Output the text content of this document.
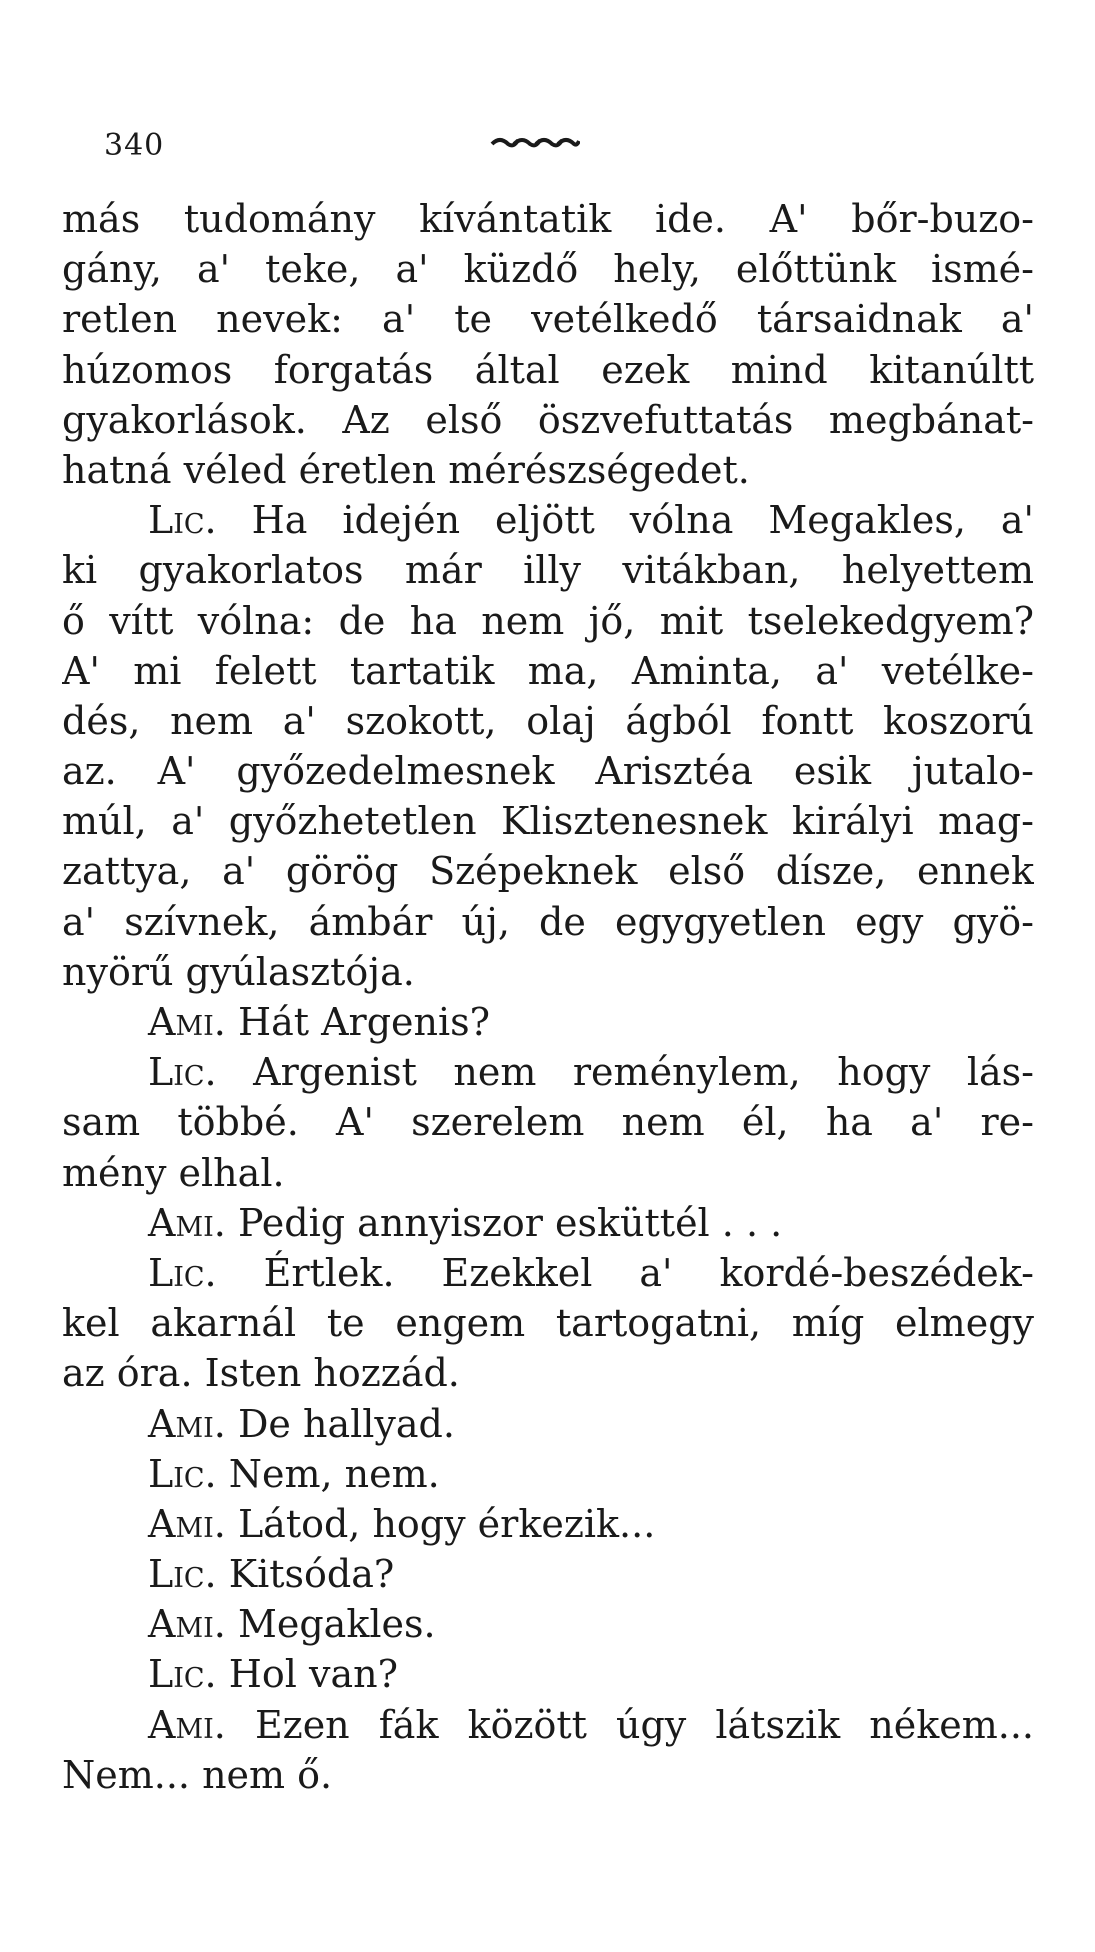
340
más tudomány kívántatik ide. A' bőr-buzo-
gány, a' teke, a' küzdő hely, előttünk ismé-
retlen nevek: a' te vetélkedő társaidnak a'
húzomos forgatás által ezek mind kitanúltt
gyakorlások. Az első öszvefuttatás megbánat-
hatná véled éretlen mérészségedet.
Lic. Ha idején eljött vólna Megakles, a'
ki gyakorlatos már illy vitákban, helyettem
ő vítt vólna: de ha nem jő, mit tselekedgyem?
A' mi felett tartatik ma, Aminta, a' vetélke-
dés, nem a' szokott, olaj ágból fontt koszorú
az. A' győzedelmesnek Arisztéa esik jutalo-
múl, a' győzhetetlen Klisztenesnek királyi mag-
zattya, a' görög Szépeknek első dísze, ennek
a' szívnek, ámbár új, de egygyetlen egy gyö-
nyörű gyúlasztója.
Ami. Hát Argenis?
Lic. Argenist nem reménylem, hogy lás-
sam többé. A' szerelem nem él, ha a' re-
mény elhal.
Ami. Pedig annyiszor esküttél . . .
Lic. Értlek. Ezekkel a' kordé-beszédek-
kel akarnál te engem tartogatni, míg elmegy
az óra. Isten hozzád.
Ami. De hallyad.
Lic. Nem, nem.
Ami. Látod, hogy érkezik...
Lic. Kitsóda?
Ami. Megakles.
Lic. Hol van?
Ami. Ezen fák között úgy látszik nékem...
Nem... nem ő.
